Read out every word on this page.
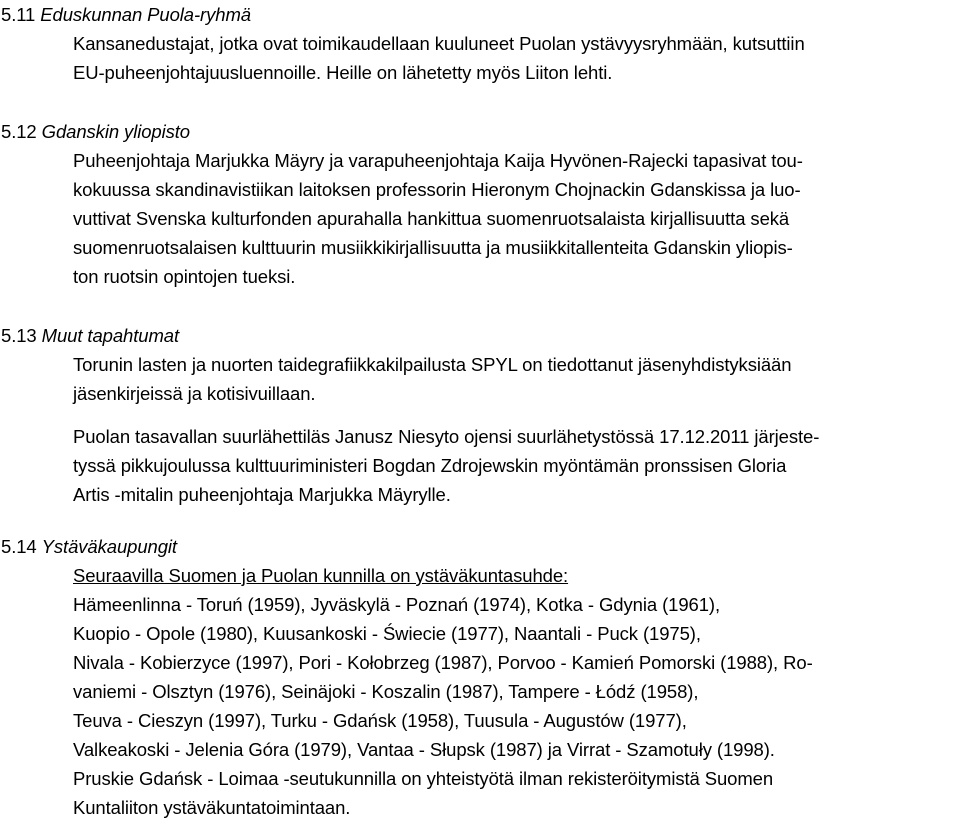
5.11 Eduskunnan Puola-ryhmä

Kansanedustajat, jotka ovat toimikaudellaan kuuluneet Puolan ystävyysryhmään, kutsuttiin

EU-puheenjohtajuusluennoille. Heille on lähetetty myös Liiton lehti.

5.12 Gdanskin yliopisto

Puheenjohtaja Marjukka Mäyry ja varapuheenjohtaja Kaija Hyvönen-Rajecki tapasivat tou-

kokuussa skandinavistiikan laitoksen professorin Hieronym Chojnackin Gdanskissa ja luo-

vuttivat Svenska kulturfonden apurahalla hankittua suomenruotsalaista kirjallisuutta sekä

suomenruotsalaisen kulttuurin musiikkikirjallisuutta ja musiikkitallenteita Gdanskin yliopis-

ton ruotsin opintojen tueksi.

5.13 Muut tapahtumat

Torunin lasten ja nuorten taidegrafiikkakilpailusta SPYL on tiedottanut jäsenyhdistyksiään

jäsenkirjeissä ja kotisivuillaan.

Puolan tasavallan suurlähettiläs Janusz Niesyto ojensi suurlähetystössä 17.12.2011 järjeste-

tyssä pikkujoulussa kulttuuriministeri Bogdan Zdrojewskin myöntämän pronssisen Gloria

Artis -mitalin puheenjohtaja Marjukka Mäyrylle.

5.14 Ystäväkaupungit

Seuraavilla Suomen ja Puolan kunnilla on ystäväkuntasuhde:

Hämeenlinna - Toruń (1959), Jyväskylä - Poznań (1974), Kotka - Gdynia (1961),

Kuopio - Opole (1980), Kuusankoski - Świecie (1977), Naantali - Puck (1975),

Nivala - Kobierzyce (1997), Pori - Kołobrzeg (1987), Porvoo - Kamień Pomorski (1988), Ro-

vaniemi - Olsztyn (1976), Seinäjoki - Koszalin (1987), Tampere - Łódź (1958),

Teuva - Cieszyn (1997), Turku - Gdańsk (1958), Tuusula - Augustów (1977),

Valkeakoski - Jelenia Góra (1979), Vantaa - Słupsk (1987) ja Virrat - Szamotuły (1998).

Pruskie Gdańsk - Loimaa -seutukunnilla on yhteistyötä ilman rekisteröitymistä Suomen

Kuntaliiton ystäväkuntatoimintaan.
